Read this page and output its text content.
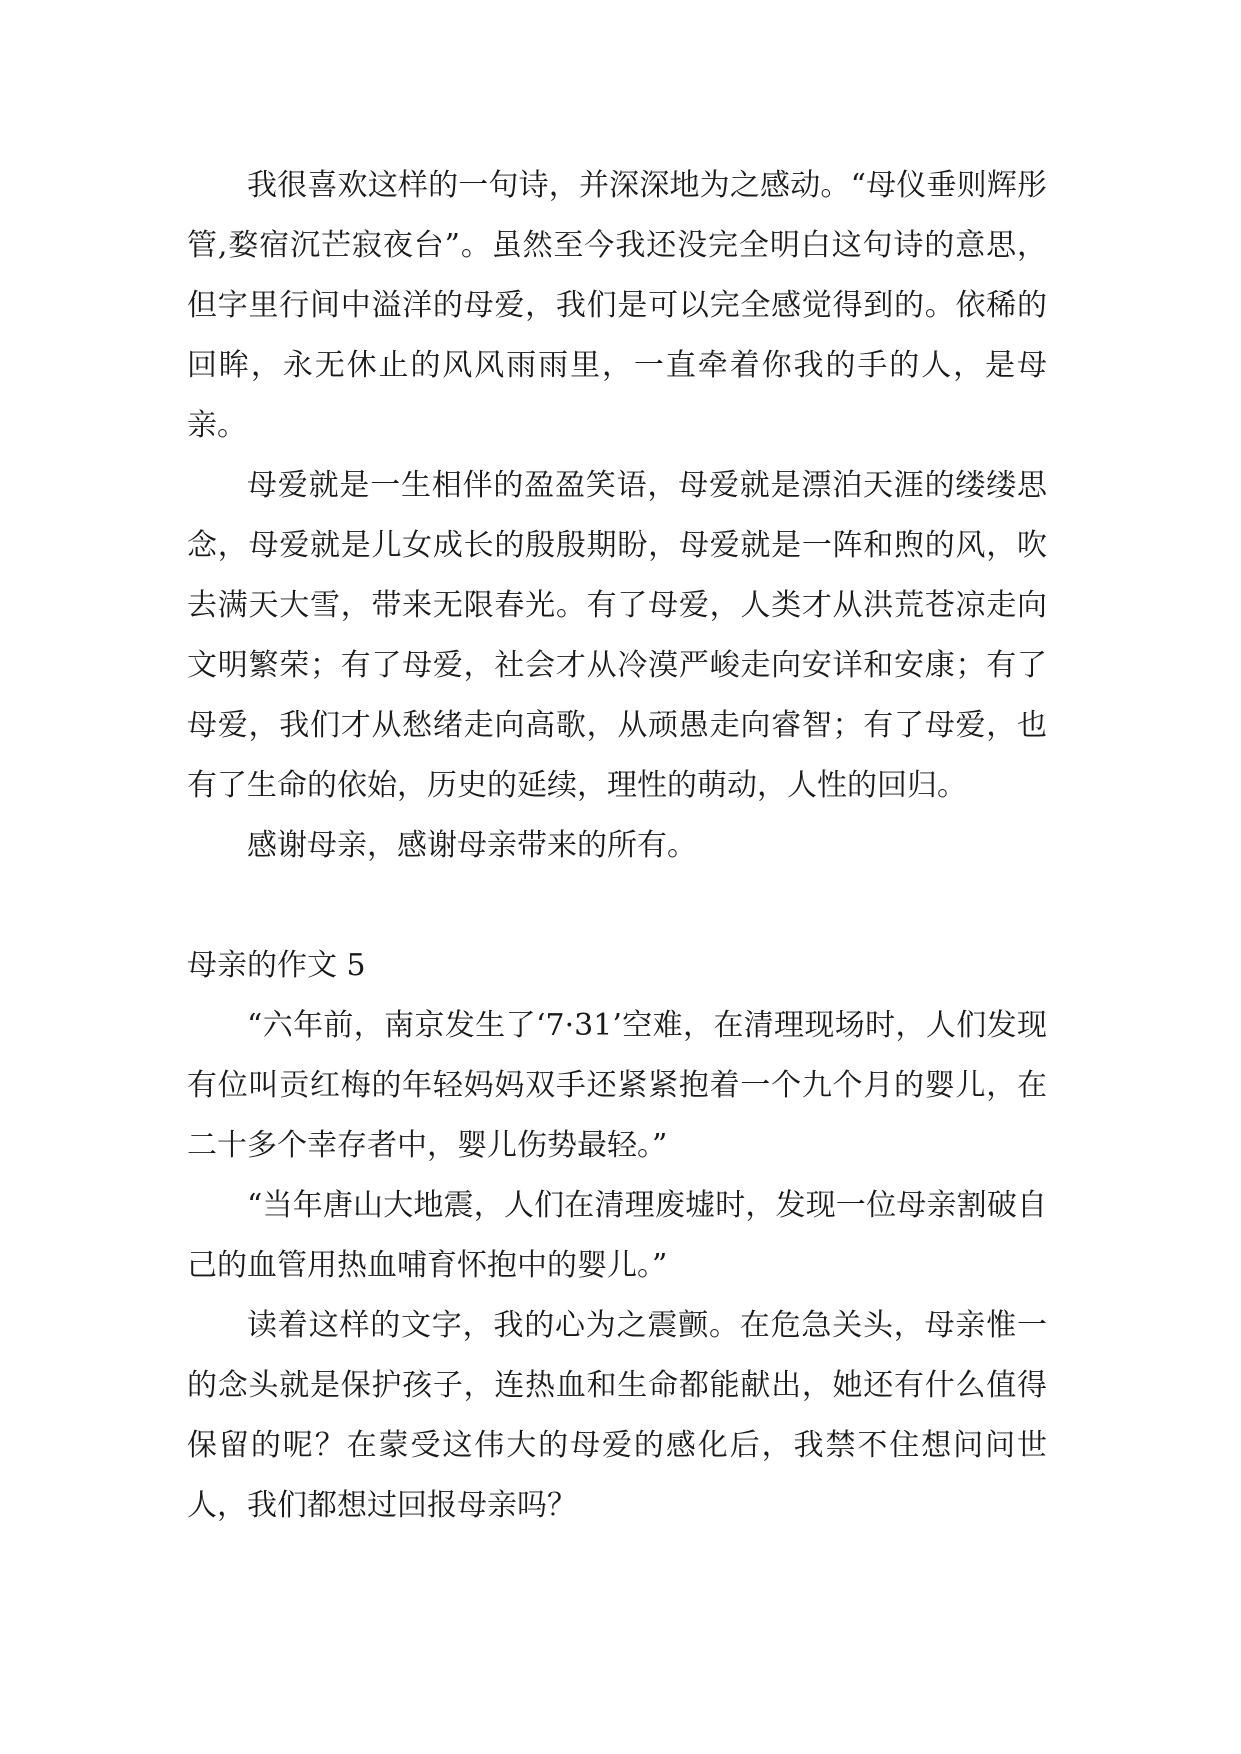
我很喜欢这样的一句诗，并深深地为之感动。“母仪垂则辉彤管,婺宿沉芒寂夜台”。虽然至今我还没完全明白这句诗的意思，但字里行间中溢洋的母爱，我们是可以完全感觉得到的。依稀的回眸，永无休止的风风雨雨里，一直牵着你我的手的人，是母亲。

母爱就是一生相伴的盈盈笑语，母爱就是漂泊天涯的缕缕思念，母爱就是儿女成长的殷殷期盼，母爱就是一阵和煦的风，吹去满天大雪，带来无限春光。有了母爱，人类才从洪荒苍凉走向文明繁荣；有了母爱，社会才从冷漠严峻走向安详和安康；有了母爱，我们才从愁绪走向高歌，从顽愚走向睿智；有了母爱，也有了生命的依始，历史的延续，理性的萌动，人性的回归。

感谢母亲，感谢母亲带来的所有。

母亲的作文 5

“六年前，南京发生了‘7·31’空难，在清理现场时，人们发现有位叫贡红梅的年轻妈妈双手还紧紧抱着一个九个月的婴儿，在二十多个幸存者中，婴儿伤势最轻。”

“当年唐山大地震，人们在清理废墟时，发现一位母亲割破自己的血管用热血哺育怀抱中的婴儿。”

读着这样的文字，我的心为之震颤。在危急关头，母亲惟一的念头就是保护孩子，连热血和生命都能献出，她还有什么值得保留的呢？在蒙受这伟大的母爱的感化后，我禁不住想问问世人，我们都想过回报母亲吗？
